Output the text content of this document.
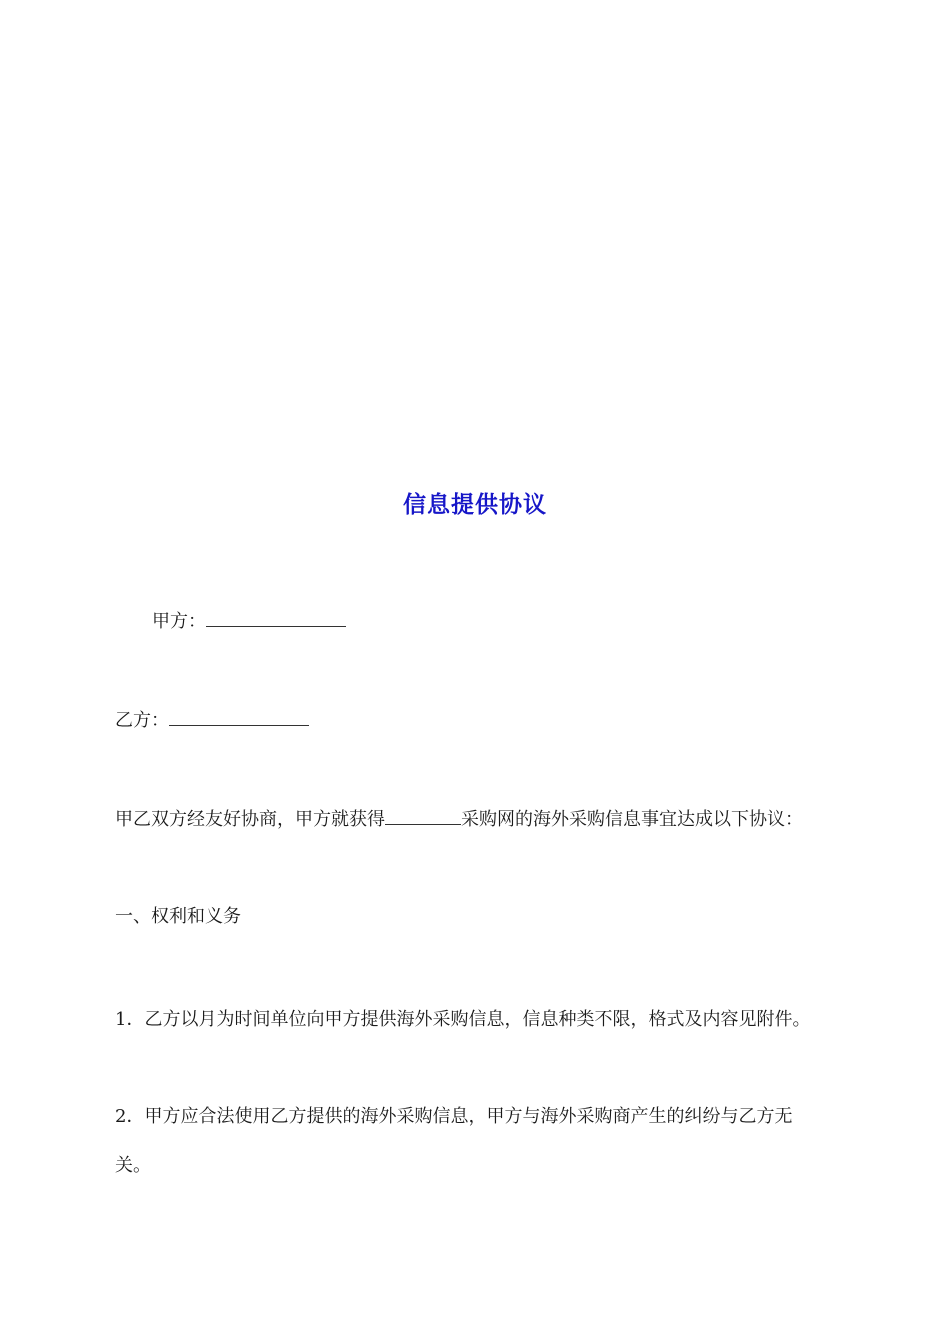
信息提供协议
甲方：
乙方：
甲乙双方经友好协商，甲方就获得	采购网的海外采购信息事宜达成以下协议：
一、权利和义务
1．乙方以月为时间单位向甲方提供海外采购信息，信息种类不限，格式及内容见附件。
2．甲方应合法使用乙方提供的海外采购信息，甲方与海外采购商产生的纠纷与乙方无
关。
